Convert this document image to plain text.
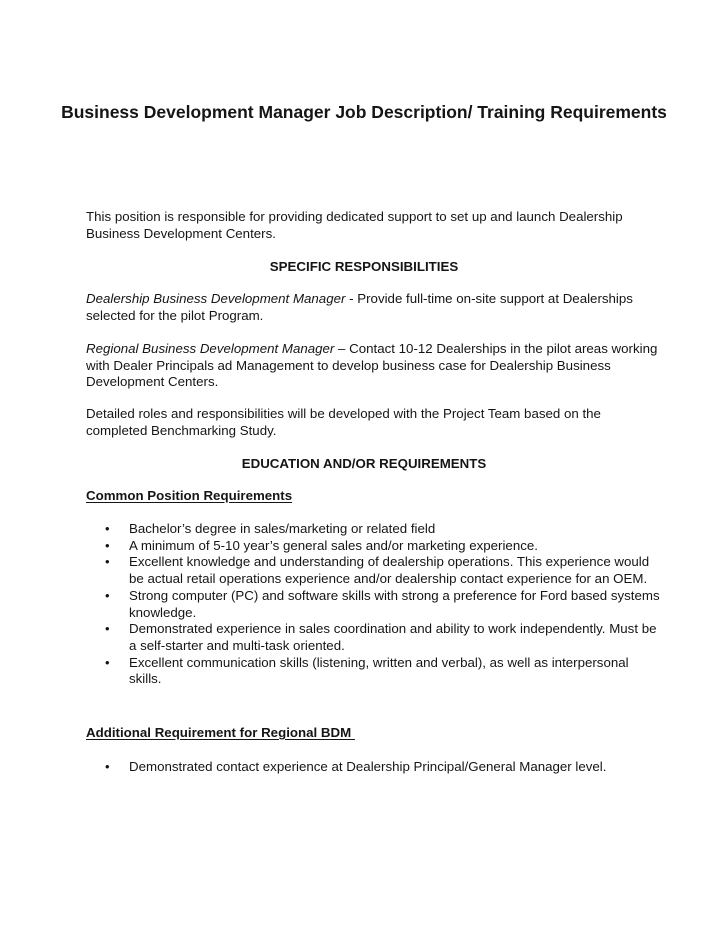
Business Development Manager Job Description/ Training Requirements
This position is responsible for providing dedicated support to set up and launch Dealership Business Development Centers.
SPECIFIC RESPONSIBILITIES
Dealership Business Development Manager - Provide full-time on-site support at Dealerships selected for the pilot Program.
Regional Business Development Manager – Contact 10-12 Dealerships in the pilot areas working with Dealer Principals ad Management to develop business case for Dealership Business Development Centers.
Detailed roles and responsibilities will be developed with the Project Team based on the completed Benchmarking Study.
EDUCATION AND/OR REQUIREMENTS
Common Position Requirements
• Bachelor’s degree in sales/marketing or related field
• A minimum of 5-10 year’s general sales and/or marketing experience.
• Excellent knowledge and understanding of dealership operations. This experience would be actual retail operations experience and/or dealership contact experience for an OEM.
• Strong computer (PC) and software skills with strong a preference for Ford based systems knowledge.
• Demonstrated experience in sales coordination and ability to work independently. Must be a self-starter and multi-task oriented.
• Excellent communication skills (listening, written and verbal), as well as interpersonal skills.
Additional Requirement for Regional BDM
• Demonstrated contact experience at Dealership Principal/General Manager level.
